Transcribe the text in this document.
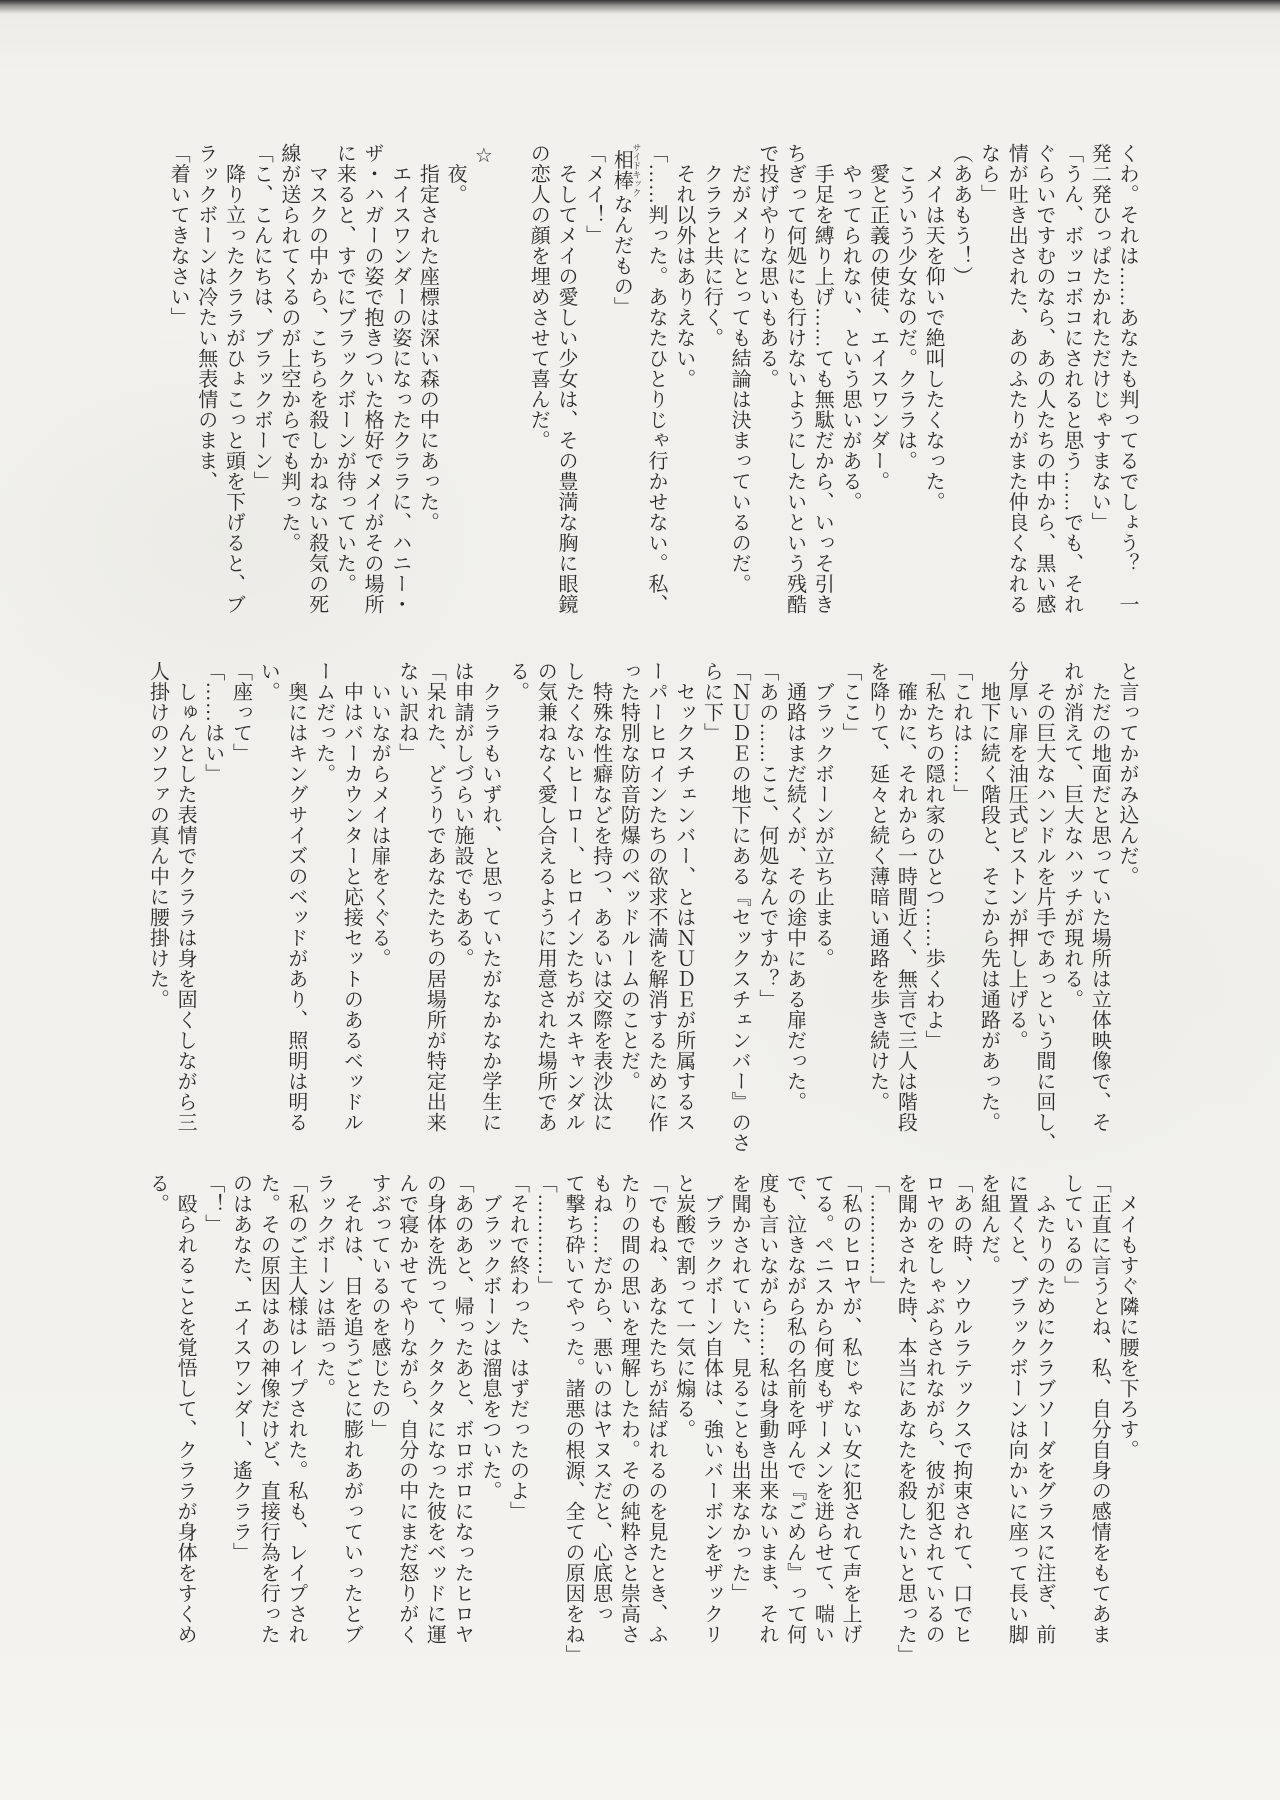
くわ。それは……あなたも判ってるでしょう？　一
発二発ひっぱたかれただけじゃすまない」
「うん、ボッコボコにされると思う……でも、それ
ぐらいですむのなら、あの人たちの中から、黒い感
情が吐き出された、あのふたりがまた仲良くなれる
なら」
（ああもう！）
　メイは天を仰いで絶叫したくなった。
　こういう少女なのだ。クララは。
　愛と正義の使徒、エイスワンダー。
　やってられない、という思いがある。
　手足を縛り上げ……ても無駄だから、いっそ引き
ちぎって何処にも行けないようにしたいという残酷
で投げやりな思いもある。
　だがメイにとっても結論は決まっているのだ。
　クララと共に行く。
　それ以外はありえない。
「……判った。あなたひとりじゃ行かせない。私、
相棒 サイドキックなんだもの」
「メイ！」
　そしてメイの愛しい少女は、その豊満な胸に眼鏡
の恋人の顔を埋めさせて喜んだ。

☆
　夜。
　指定された座標は深い森の中にあった。
　エイスワンダーの姿になったクララに、ハニー・
ザ・ハガーの姿で抱きついた格好でメイがその場所
に来ると、すでにブラックボーンが待っていた。
　マスクの中から、こちらを殺しかねない殺気の死
線が送られてくるのが上空からでも判った。
「こ、こんにちは、ブラックボーン」
　降り立ったクララがひょこっと頭を下げると、ブ
ラックボーンは冷たい無表情のまま、
「着いてきなさい」
と言ってかがみ込んだ。
　ただの地面だと思っていた場所は立体映像で、そ
れが消えて、巨大なハッチが現れる。
　その巨大なハンドルを片手であっという間に回し、
分厚い扉を油圧式ピストンが押し上げる。
　地下に続く階段と、そこから先は通路があった。
「これは……」
「私たちの隠れ家のひとつ……歩くわよ」
　確かに、それから一時間近く、無言で三人は階段
を降りて、延々と続く薄暗い通路を歩き続けた。
「ここ」
　ブラックボーンが立ち止まる。
　通路はまだ続くが、その途中にある扉だった。
「あの……ここ、何処なんですか？」
「ＮＵＤＥの地下にある『セックスチェンバー』のさ
らに下」
　セックスチェンバー、とはＮＵＤＥが所属するス
ーパーヒロインたちの欲求不満を解消するために作
った特別な防音防爆のベッドルームのことだ。
　特殊な性癖などを持つ、あるいは交際を表沙汰に
したくないヒーロー、ヒロインたちがスキャンダル
の気兼ねなく愛し合えるように用意された場所であ
る。
　クララもいずれ、と思っていたがなかなか学生に
は申請がしづらい施設でもある。
「呆れた、どうりであなたたちの居場所が特定出来
ない訳ね」
　いいながらメイは扉をくぐる。
　中はバーカウンターと応接セットのあるベッドル
ームだった。
　奥にはキングサイズのベッドがあり、照明は明る
い。
「座って」
「……はい」
　しゅんとした表情でクララは身を固くしながら三
人掛けのソファの真ん中に腰掛けた。
　メイもすぐ隣に腰を下ろす。
「正直に言うとね、私、自分自身の感情をもてあま
しているの」
　ふたりのためにクラブソーダをグラスに注ぎ、前
に置くと、ブラックボーンは向かいに座って長い脚
を組んだ。
「あの時、ソウルラテックスで拘束されて、口でヒ
ロヤのをしゃぶらされながら、彼が犯されているの
を聞かされた時、本当にあなたを殺したいと思った」
「…………」
「私のヒロヤが、私じゃない女に犯されて声を上げ
てる。ペニスから何度もザーメンを迸らせて、喘い
で、泣きながら私の名前を呼んで『ごめん』って何
度も言いながら……私は身動き出来ないまま、それ
を聞かされていた、見ることも出来なかった」
　ブラックボーン自体は、強いバーボンをザックリ
と炭酸で割って一気に煽る。
「でもね、あなたたちが結ばれるのを見たとき、ふ
たりの間の思いを理解したわ。その純粋さと崇高さ
もね……だから、悪いのはヤヌスだと、心底思っ
て撃ち砕いてやった。諸悪の根源、全ての原因をね」
「…………」
「それで終わった、はずだったのよ」
　ブラックボーンは溜息をついた。
「あのあと、帰ったあと、ボロボロになったヒロヤ
の身体を洗って、クタクタになった彼をベッドに運
んで寝かせてやりながら、自分の中にまだ怒りがく
すぶっているのを感じたの」
　それは、日を追うごとに膨れあがっていったとブ
ラックボーンは語った。
「私のご主人様はレイプされた。私も、レイプされ
た。その原因はあの神像だけど、直接行為を行った
のはあなた、エイスワンダー、遙クララ」
「！」
　殴られることを覚悟して、クララが身体をすくめ
る。
